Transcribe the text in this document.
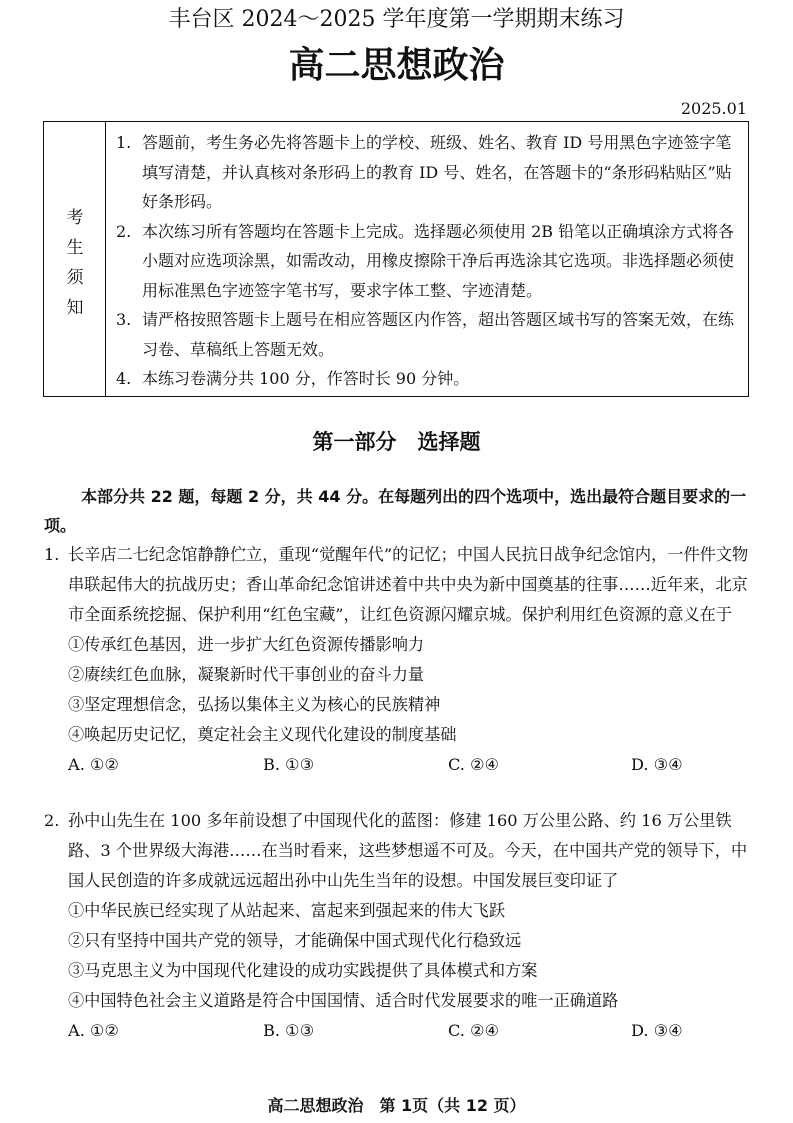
丰台区 2024～2025 学年度第一学期期末练习
高二思想政治
2025.01
考
生
须
知
1. 答题前，考生务必先将答题卡上的学校、班级、姓名、教育 ID 号用黑色字迹签字笔填写清楚，并认真核对条形码上的教育 ID 号、姓名，在答题卡的“条形码粘贴区”贴好条形码。
2. 本次练习所有答题均在答题卡上完成。选择题必须使用 2B 铅笔以正确填涂方式将各小题对应选项涂黑，如需改动，用橡皮擦除干净后再选涂其它选项。非选择题必须使用标准黑色字迹签字笔书写，要求字体工整、字迹清楚。
3. 请严格按照答题卡上题号在相应答题区内作答，超出答题区域书写的答案无效，在练习卷、草稿纸上答题无效。
4. 本练习卷满分共 100 分，作答时长 90 分钟。
第一部分　选择题
本部分共 22 题，每题 2 分，共 44 分。在每题列出的四个选项中，选出最符合题目要求的一项。
1. 长辛店二七纪念馆静静伫立，重现“觉醒年代”的记忆；中国人民抗日战争纪念馆内，一件件文物串联起伟大的抗战历史；香山革命纪念馆讲述着中共中央为新中国奠基的往事……近年来，北京市全面系统挖掘、保护利用“红色宝藏”，让红色资源闪耀京城。保护利用红色资源的意义在于
①传承红色基因，进一步扩大红色资源传播影响力
②赓续红色血脉，凝聚新时代干事创业的奋斗力量
③坚定理想信念，弘扬以集体主义为核心的民族精神
④唤起历史记忆，奠定社会主义现代化建设的制度基础
A. ①②	B. ①③	C. ②④	D. ③④
2. 孙中山先生在 100 多年前设想了中国现代化的蓝图：修建 160 万公里公路、约 16 万公里铁路、3 个世界级大海港……在当时看来，这些梦想遥不可及。今天，在中国共产党的领导下，中国人民创造的许多成就远远超出孙中山先生当年的设想。中国发展巨变印证了
①中华民族已经实现了从站起来、富起来到强起来的伟大飞跃
②只有坚持中国共产党的领导，才能确保中国式现代化行稳致远
③马克思主义为中国现代化建设的成功实践提供了具体模式和方案
④中国特色社会主义道路是符合中国国情、适合时代发展要求的唯一正确道路
A. ①②	B. ①③	C. ②④	D. ③④
高二思想政治　第 1页（共 12 页）
